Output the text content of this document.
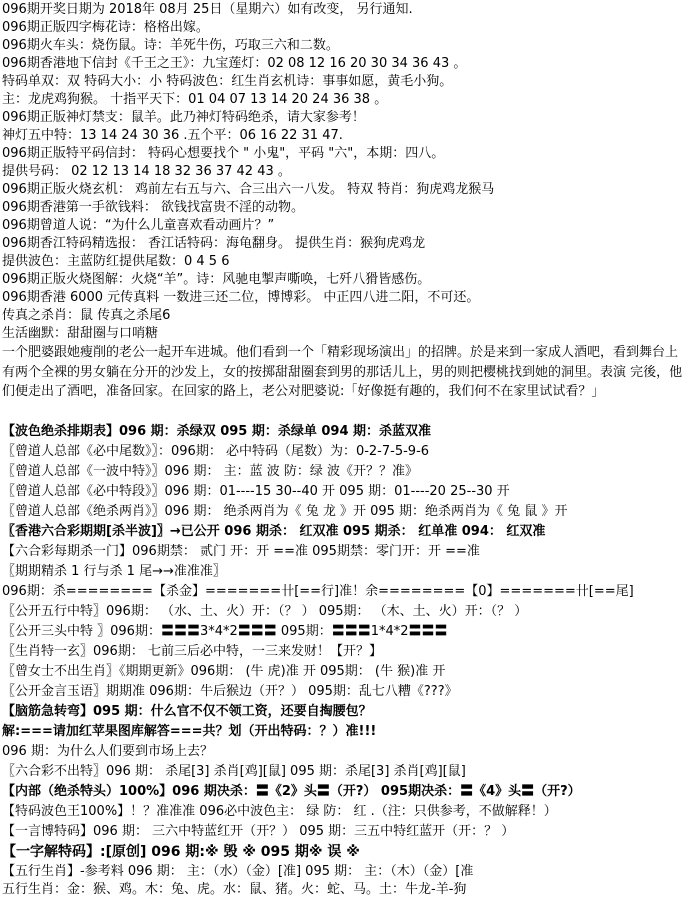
096期开奖日期为 2018年 08月 25日（星期六）如有改变， 另行通知.
096期正版四字梅花诗：格格出嫁。
096期火车头：烧伤鼠。诗：羊死牛伤，巧取三六和二数。
096期香港地下信封《千王之王》：九宝莲灯：02 08 12 16 20 30 34 36 43 。
特码单双：双 特码大小：小 特码波色：红生肖玄机诗：事事如愿，黄毛小狗。
主：龙虎鸡狗猴。 十指平天下：01 04 07 13 14 20 24 36 38 。
096期正版神灯禁支：鼠羊。此乃神灯特码绝杀，请大家参考！
神灯五中特：13 14 24 30 36 .五个平：06 16 22 31 47.
096期正版特平码信封： 特码心想要找个 " 小鬼"，平码 "六"，本期：四八。
提供号码： 02 12 13 14 18 32 36 37 42 43 。
096期正版火烧玄机： 鸡前左右五与六、合三出六一八发。 特双 特肖：狗虎鸡龙猴马
096期香港第一手欲钱料： 欲钱找富贵不淫的动物。
096期曾道人说：“为什么儿童喜欢看动画片？”
096期香江特码精选报： 香江话特码：海龟翻身。 提供生肖：猴狗虎鸡龙
提供波色：主蓝防红提供尾数：0 4 5 6
096期正版火烧图解：火烧“羊”。诗：风驰电掣声嘶唤，七歼八猾皆感伤。
096期香港 6000 元传真料 一数进三还二位，博博彩。 中正四八进二阳，不可还。
传真之杀肖：鼠 传真之杀尾6
生活幽默：甜甜圈与口哨糖
一个肥婆跟她瘦削的老公一起开车进城。他们看到一个「精彩现场演出」的招牌。於是来到一家成人酒吧，看到舞台上有两个全裸的男女躺在分开的沙发上，女的按掷甜甜圈套到男的那话儿上，男的则把樱桃找到她的洞里。表演 完後，他们便走出了酒吧，准备回家。在回家的路上，老公对肥婆说:「好像挺有趣的，我们何不在家里试试看？」
【波色绝杀排期表】096 期：杀绿双 095 期：杀绿单 094 期：杀蓝双准
〖曾道人总部《必中尾数》〗：096期： 必中特码（尾数）为：0-2-7-5-9-6
〖曾道人总部《一波中特》〗096 期： 主：蓝 波 防：绿 波《开？？准》
〖曾道人总部《必中特段》〗096 期：01----15 30--40 开 095 期：01----20 25--30 开
〖曾道人总部《绝杀两肖》〗096 期： 绝杀两肖为《 兔 龙 》开 095 期：绝杀两肖为《 兔 鼠 》开
〖香港六合彩期期[杀半波]〗→已公开 096 期杀： 红双准 095 期杀： 红单准 094： 红双准
【六合彩每期杀一门】096期禁： 贰门 开：开 ==准 095期禁：零门开：开 ==准
〖期期精杀 1 行与杀 1 尾→→准准准〗
096期：杀========【杀金】=======卄[==行]准！余========【0】=======卄[==尾]
〖公开五行中特〗096期： （水、土、火）开：（？ ） 095期： （木、土、火）开：（？ ）
〖公开三头中特 〗096期：〓〓〓3*4*2〓〓〓 095期：〓〓〓1*4*2〓〓〓
〖生肖特一玄〗096期： 七前三后必中特，一三来发财！【开？】
〖曾女士不出生肖〗《期期更新》096期： (牛 虎)准 开 095期： (牛 猴)准 开
〖公开金言玉语〗期期准 096期：牛后猴边（开？） 095期：乱七八糟《???》
【脑筋急转弯】095 期：什么官不仅不领工资，还要自掏腰包？
解:===请加红苹果图库解答===共？划（开出特码：？）准!!!
096 期：为什么人们要到市场上去？
〖六合彩不出特〗096 期： 杀尾[3] 杀肖[鸡][鼠] 095 期：杀尾[3] 杀肖[鸡][鼠]
【内部（绝杀特头）100%】096 期决杀：〓《2》头〓（开?） 095期决杀：〓《4》头〓（开?）
【特码波色王100%】！？准准准 096必中波色主： 绿 防： 红 .（注：只供参考，不做解释！）
【一言博特码】096 期： 三六中特蓝红开（开？） 095 期：三五中特红蓝开（开：？ ）
【一字解特码】:[原创] 096 期:※ 毁 ※ 095 期※ 误 ※
【五行生肖】-参考料 096 期： 主：（水）（金）[准] 095 期： 主：（木）（金）[准
五行生肖：金：猴、鸡。木：兔、虎。水：鼠、猪。火：蛇、马。土：牛龙-羊-狗
